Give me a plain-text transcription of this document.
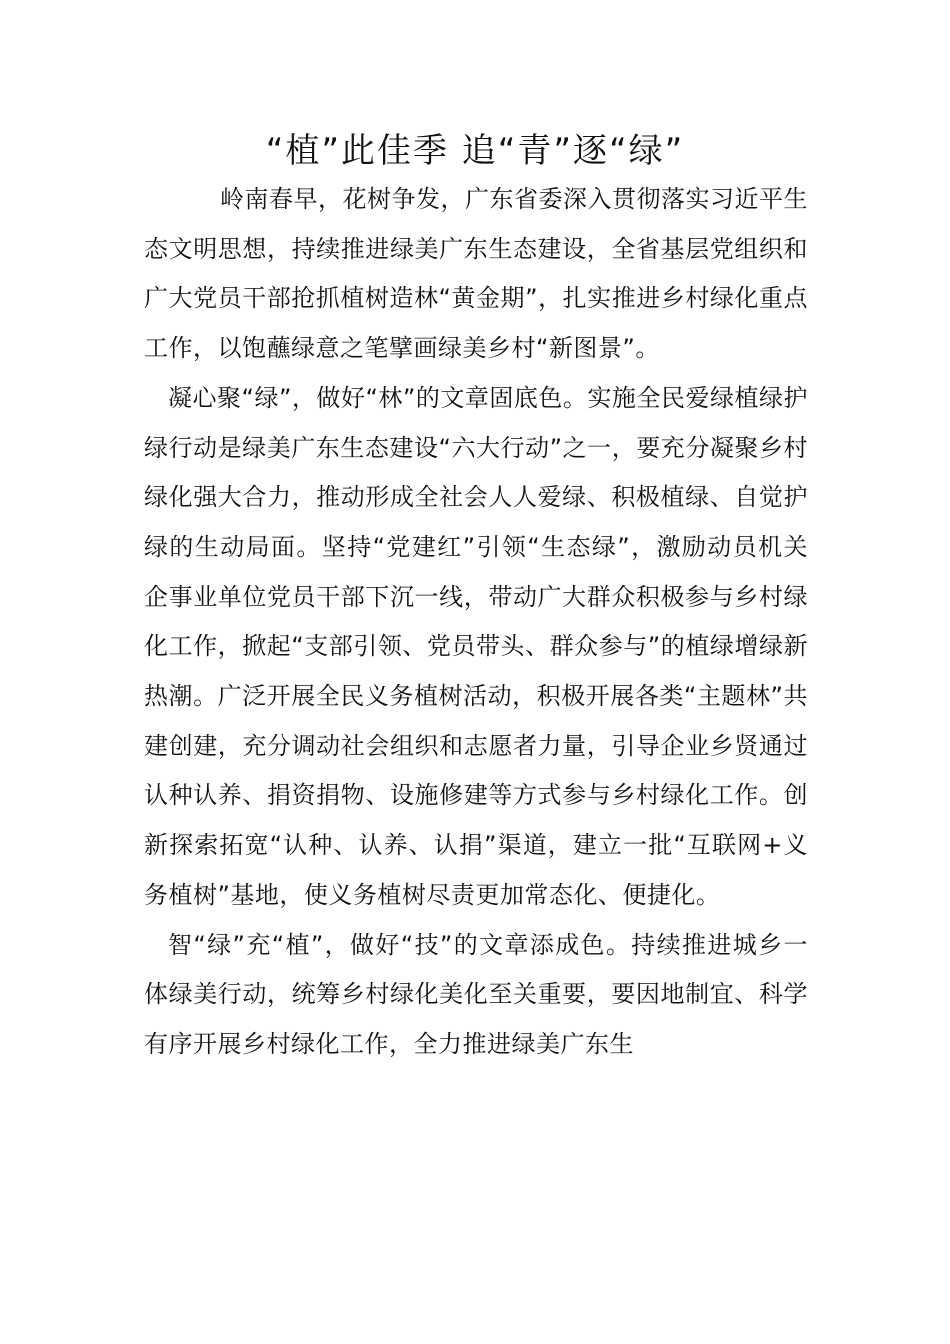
“植”此佳季 追“青”逐“绿”

岭南春早，花树争发，广东省委深入贯彻落实习近平生态文明思想，持续推进绿美广东生态建设，全省基层党组织和广大党员干部抢抓植树造林“黄金期”，扎实推进乡村绿化重点工作，以饱蘸绿意之笔擘画绿美乡村“新图景”。

凝心聚“绿”，做好“林”的文章固底色。实施全民爱绿植绿护绿行动是绿美广东生态建设“六大行动”之一，要充分凝聚乡村绿化强大合力，推动形成全社会人人爱绿、积极植绿、自觉护绿的生动局面。坚持“党建红”引领“生态绿”，激励动员机关企事业单位党员干部下沉一线，带动广大群众积极参与乡村绿化工作，掀起“支部引领、党员带头、群众参与”的植绿增绿新热潮。广泛开展全民义务植树活动，积极开展各类“主题林”共建创建，充分调动社会组织和志愿者力量，引导企业乡贤通过认种认养、捐资捐物、设施修建等方式参与乡村绿化工作。创新探索拓宽“认种、认养、认捐”渠道，建立一批“互联网+义务植树”基地，使义务植树尽责更加常态化、便捷化。

智“绿”充“植”，做好“技”的文章添成色。持续推进城乡一体绿美行动，统筹乡村绿化美化至关重要，要因地制宜、科学有序开展乡村绿化工作，全力推进绿美广东生
